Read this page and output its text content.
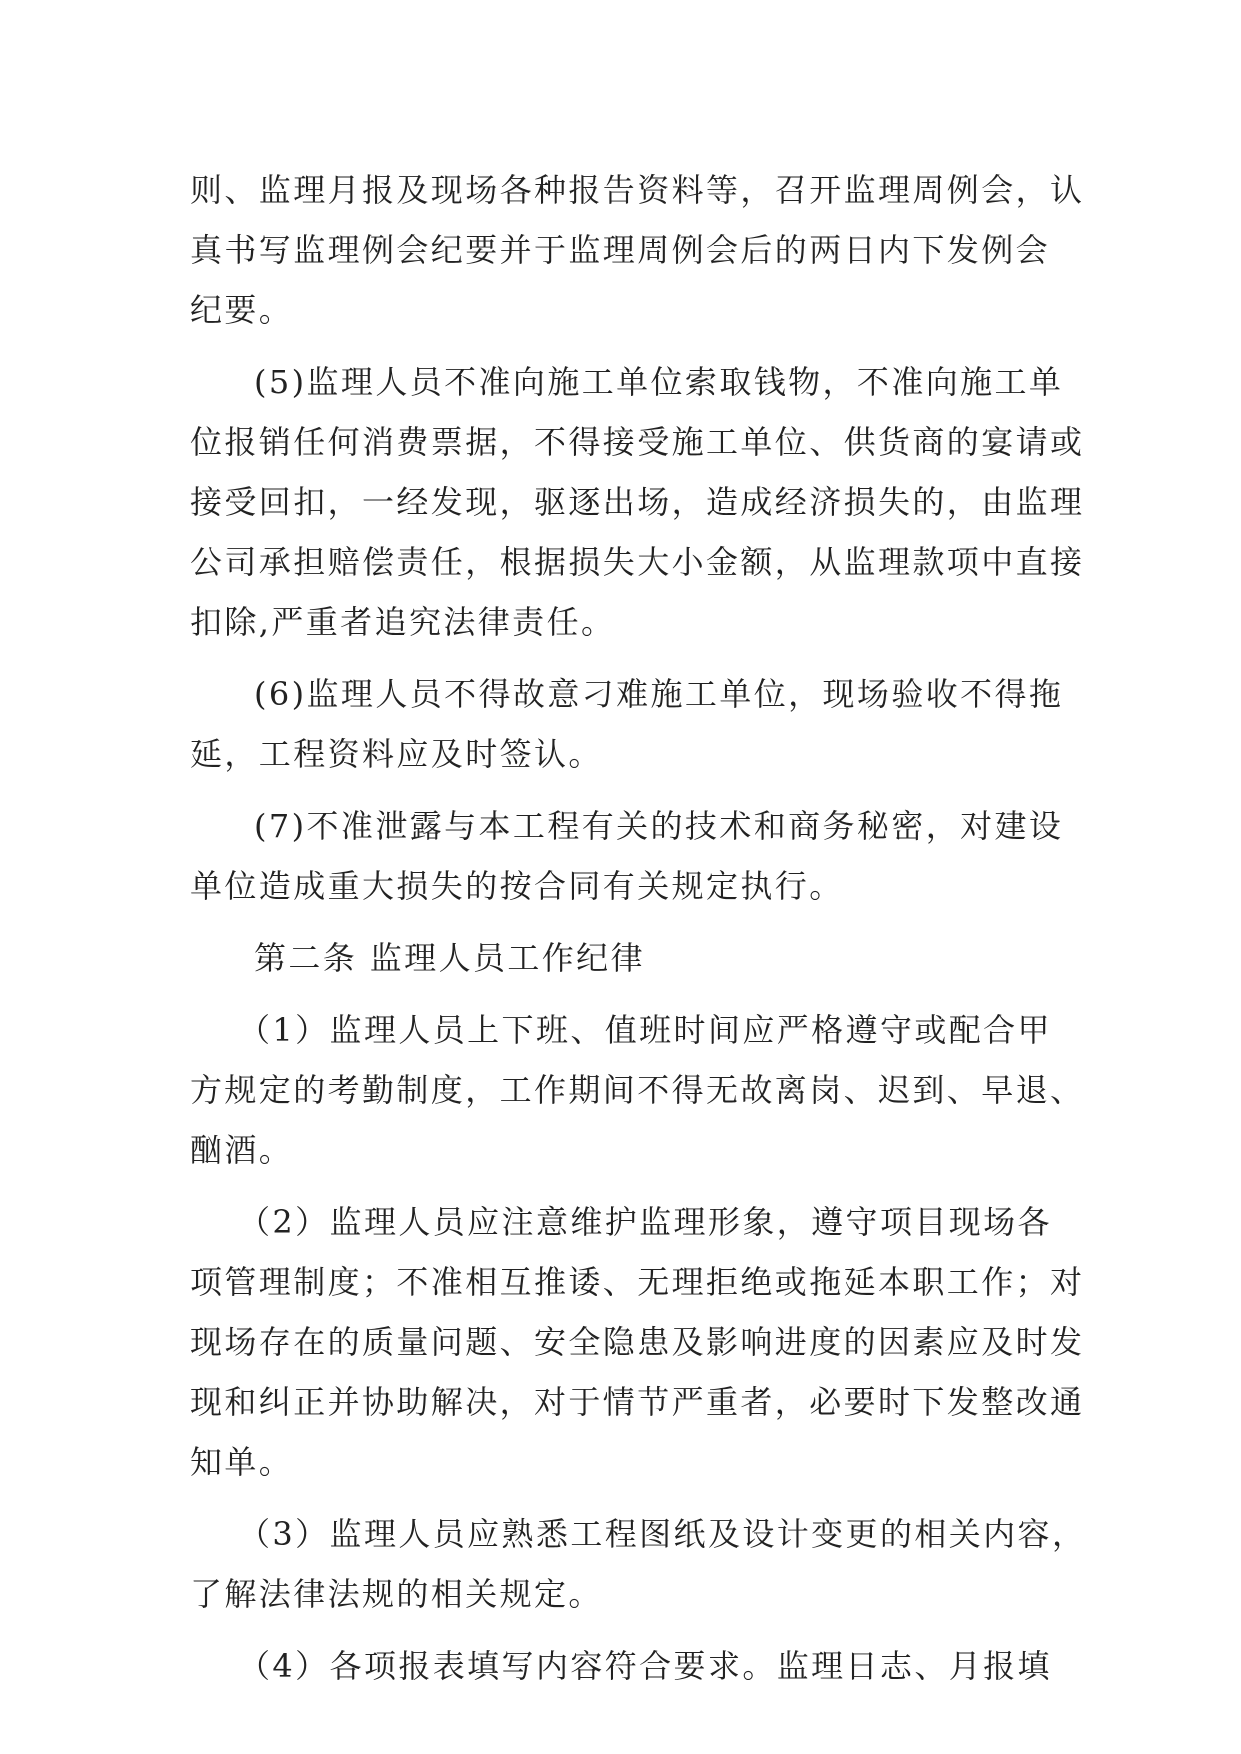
则、监理月报及现场各种报告资料等，召开监理周例会，认
真书写监理例会纪要并于监理周例会后的两日内下发例会
纪要。
(5)监理人员不准向施工单位索取钱物，不准向施工单
位报销任何消费票据，不得接受施工单位、供货商的宴请或
接受回扣，一经发现，驱逐出场，造成经济损失的，由监理
公司承担赔偿责任，根据损失大小金额，从监理款项中直接
扣除,严重者追究法律责任。
(6)监理人员不得故意刁难施工单位，现场验收不得拖
延，工程资料应及时签认。
(7)不准泄露与本工程有关的技术和商务秘密，对建设
单位造成重大损失的按合同有关规定执行。
第二条 监理人员工作纪律
（1）监理人员上下班、值班时间应严格遵守或配合甲
方规定的考勤制度，工作期间不得无故离岗、迟到、早退、
酗酒。
（2）监理人员应注意维护监理形象，遵守项目现场各
项管理制度；不准相互推诿、无理拒绝或拖延本职工作；对
现场存在的质量问题、安全隐患及影响进度的因素应及时发
现和纠正并协助解决，对于情节严重者，必要时下发整改通
知单。
（3）监理人员应熟悉工程图纸及设计变更的相关内容，
了解法律法规的相关规定。
（4）各项报表填写内容符合要求。监理日志、月报填
